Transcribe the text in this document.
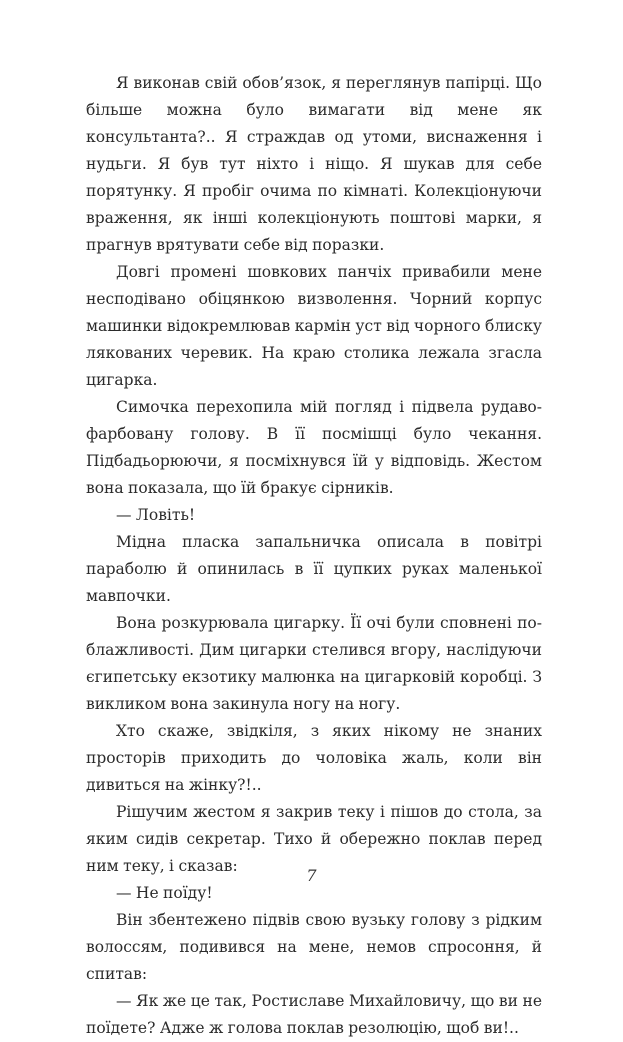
Я виконав свій обов’язок, я переглянув папірці. Що більше можна було вимагати від мене як консультанта?.. Я страждав од утоми, виснаження і нудьги. Я був тут ніхто і ніщо. Я шукав для себе порятунку. Я пробіг очима по кімнаті. Колекціонуючи враження, як інші колекціонують поштові марки, я прагнув врятувати себе від поразки.

Довгі промені шовкових панчіх привабили мене несподівано обіцянкою визволення. Чорний корпус машинки відокремлював кармін уст від чорного блиску лякованих черевик. На краю столика лежала згасла цигарка.

Симочка перехопила мій погляд і підвела рудаво-фарбовану голову. В її посмішці було чекання. Підбадьорюючи, я посміхнувся їй у відповідь. Жестом вона показала, що їй бракує сірників.

— Ловіть!

Мідна пласка запальничка описала в повітрі параболю й опинилась в її цупких руках маленької мавпочки.

Вона розкурювала цигарку. Її очі були сповнені поблажливості. Дим цигарки стелився вгору, наслідуючи єгипетську екзотику малюнка на цигарковій коробці. З викликом вона закинула ногу на ногу.

Хто скаже, звідкіля, з яких нікому не знаних просторів приходить до чоловіка жаль, коли він дивиться на жінку?!..

Рішучим жестом я закрив теку і пішов до стола, за яким сидів секретар. Тихо й обережно поклав перед ним теку, і сказав:

— Не поїду!

Він збентежено підвів свою вузьку голову з рідким волоссям, подивився на мене, немов спросоння, й спитав:

— Як же це так, Ростиславе Михайловичу, що ви не поїдете? Адже ж голова поклав резолюцію, щоб ви!..

7
